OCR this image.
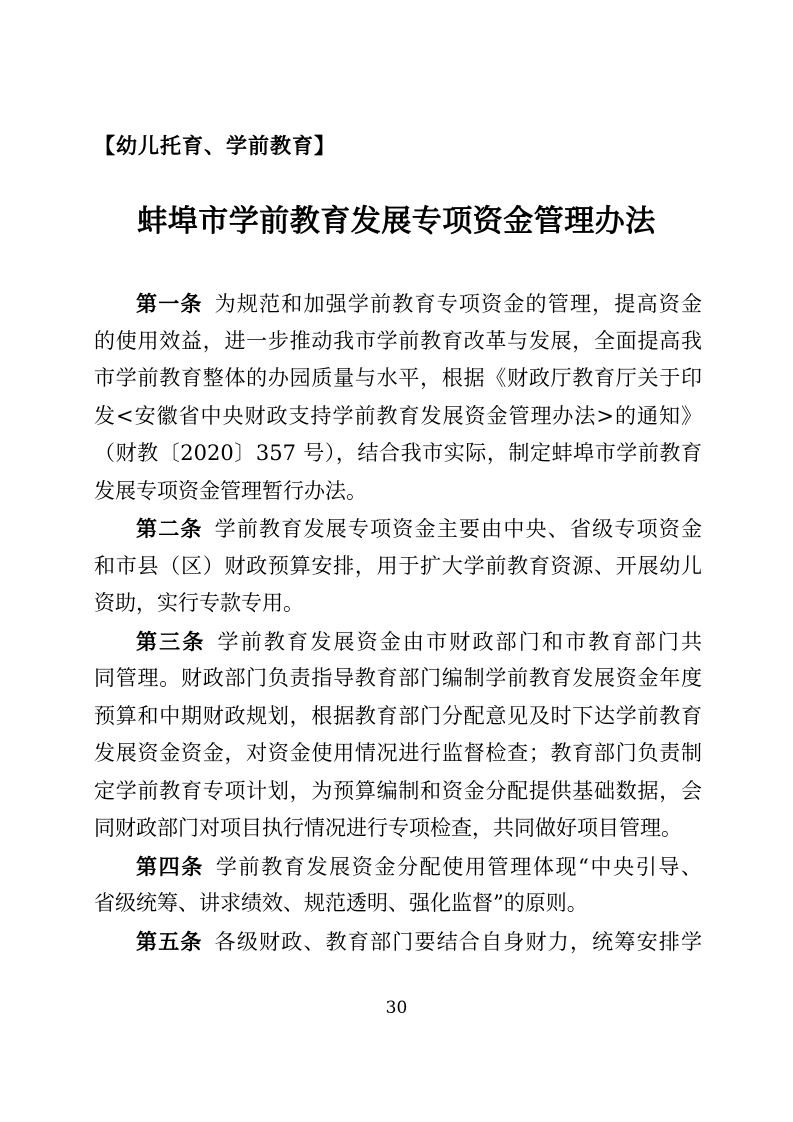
【幼儿托育、学前教育】
蚌埠市学前教育发展专项资金管理办法
第一条 为规范和加强学前教育专项资金的管理，提高资金
的使用效益，进一步推动我市学前教育改革与发展，全面提高我
市学前教育整体的办园质量与水平，根据《财政厅教育厅关于印
发<安徽省中央财政支持学前教育发展资金管理办法>的通知》
（财教〔2020〕357 号），结合我市实际，制定蚌埠市学前教育
发展专项资金管理暂行办法。
第二条 学前教育发展专项资金主要由中央、省级专项资金
和市县（区）财政预算安排，用于扩大学前教育资源、开展幼儿
资助，实行专款专用。
第三条 学前教育发展资金由市财政部门和市教育部门共
同管理。财政部门负责指导教育部门编制学前教育发展资金年度
预算和中期财政规划，根据教育部门分配意见及时下达学前教育
发展资金资金，对资金使用情况进行监督检查；教育部门负责制
定学前教育专项计划，为预算编制和资金分配提供基础数据，会
同财政部门对项目执行情况进行专项检查，共同做好项目管理。
第四条 学前教育发展资金分配使用管理体现“中央引导、
省级统筹、讲求绩效、规范透明、强化监督”的原则。
第五条 各级财政、教育部门要结合自身财力，统筹安排学
30
